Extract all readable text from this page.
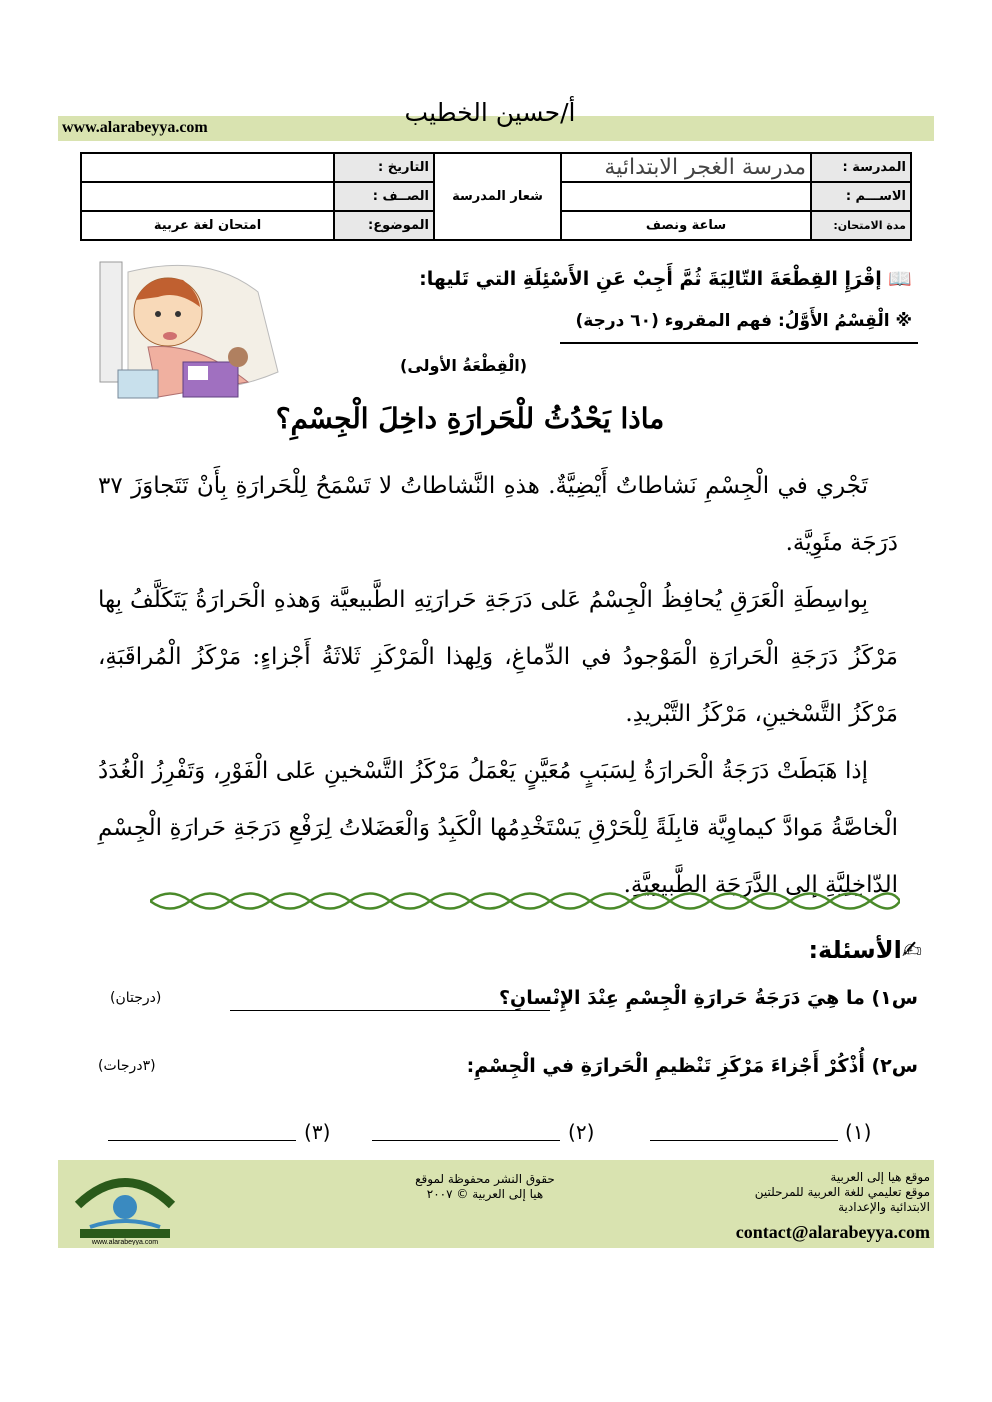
www.alarabeyya.com
أ/حسين الخطيب
المدرسة :	مدرسة الغجر الابتدائية	شعار المدرسة	التاريخ :	
الاســـم :			الصــف :	
مدة الامتحان:	ساعة ونصف		الموضوع:	امتحان لغة عربية
📖 إقْرَإِ القِطْعَةَ التّالِيَةَ ثُمَّ أَجِبْ عَنِ الأَسْئِلَةِ التي تَليها:
※ الْقِسْمُ الأَوَّلُ: فهم المقروء (٦٠ درجة)
(الْقِطْعَةُ الأولى)
ماذا يَحْدُثُ للْحَرارَةِ داخِلَ الْجِسْمِ؟

تَجْري في الْجِسْمِ نَشاطاتٌ أَيْضِيَّةٌ. هذهِ النَّشاطاتُ لا تَسْمَحُ لِلْحَرارَةِ بِأَنْ تَتَجاوَزَ ٣٧ دَرَجَة مئَوِيَّة.

بِواسِطَةِ الْعَرَقِ يُحافِظُ الْجِسْمُ عَلى دَرَجَةِ حَرارَتِهِ الطَّبيعيَّة وَهذهِ الْحَرارَةُ يَتَكَلَّفُ بِها مَرْكَزُ دَرَجَةِ الْحَرارَةِ الْمَوْجودُ في الدِّماغِ، وَلِهذا الْمَرْكَزِ ثَلاثَةُ أَجْزاءٍ: مَرْكَزُ الْمُراقَبَةِ، مَرْكَزُ التَّسْخينِ، مَرْكَزُ التَّبْريدِ.

إذا هَبَطَتْ دَرَجَةُ الْحَرارَةُ لِسَبَبٍ مُعَيَّنٍ يَعْمَلُ مَرْكَزُ التَّسْخينِ عَلى الْفَوْرِ، وَتَفْرِزُ الْغُدَدُ الْخاصَّةُ مَوادَّ كيماوِيَّة قابِلَةً لِلْحَرْقِ يَسْتَخْدِمُها الْكَبِدُ وَالْعَضَلاتُ لِرَفْعِ دَرَجَةِ حَرارَةِ الْجِسْمِ الدّاخِلِيَّةِ إلى الدَّرَجَةِ الطَّبيعِيَّةِ.

✍الأسئلة:
س١) ما هِيَ دَرَجَةُ حَرارَةِ الْجِسْمِ عِنْدَ الإِنْسانِ؟
(درجتان)
س٢) أُذْكُرْ أَجْزاءَ مَرْكَزِ تَنْظيمِ الْحَرارَةِ في الْجِسْمِ:
(٣درجات)
(١)
(٢)
(٣)
موقع هيا إلى العربية
موقع تعليمي للغة العربية للمرحلتين
الابتدائية والإعدادية
contact@alarabeyya.com
حقوق النشر محفوظة لموقع
هيا إلى العربية © ٢٠٠٧
www.alarabeyya.com
